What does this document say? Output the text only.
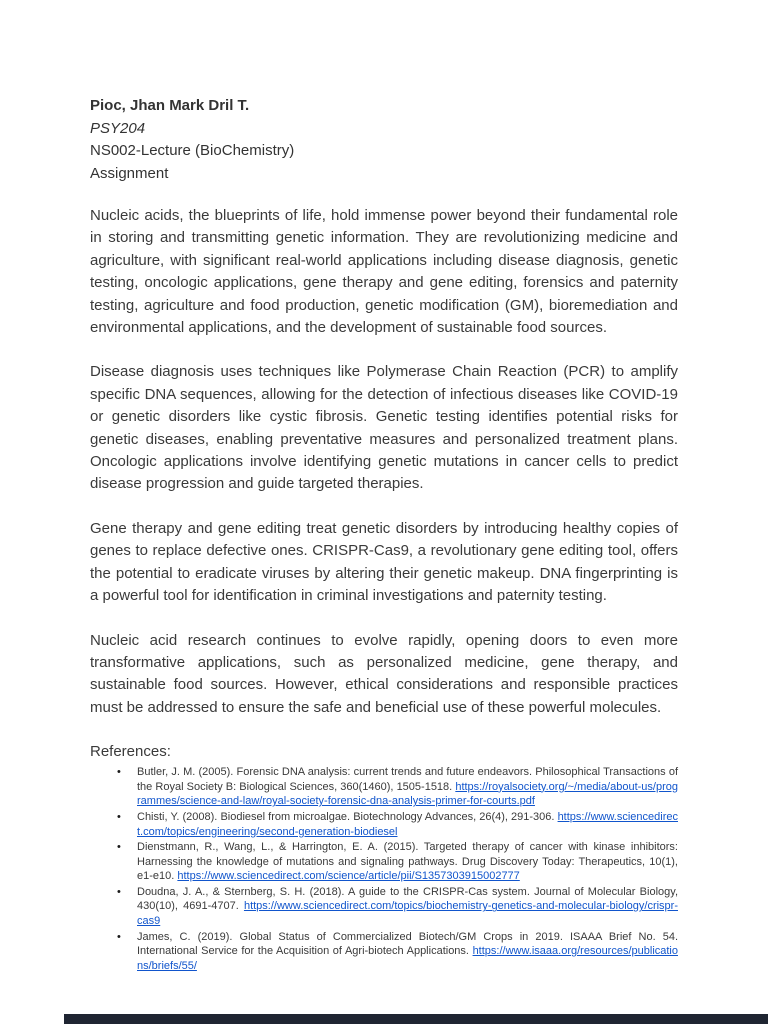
Pioc, Jhan Mark Dril T.
PSY204
NS002-Lecture (BioChemistry)
Assignment

Nucleic acids, the blueprints of life, hold immense power beyond their fundamental role in storing and transmitting genetic information. They are revolutionizing medicine and agriculture, with significant real-world applications including disease diagnosis, genetic testing, oncologic applications, gene therapy and gene editing, forensics and paternity testing, agriculture and food production, genetic modification (GM), bioremediation and environmental applications, and the development of sustainable food sources.

Disease diagnosis uses techniques like Polymerase Chain Reaction (PCR) to amplify specific DNA sequences, allowing for the detection of infectious diseases like COVID-19 or genetic disorders like cystic fibrosis. Genetic testing identifies potential risks for genetic diseases, enabling preventative measures and personalized treatment plans. Oncologic applications involve identifying genetic mutations in cancer cells to predict disease progression and guide targeted therapies.

Gene therapy and gene editing treat genetic disorders by introducing healthy copies of genes to replace defective ones. CRISPR-Cas9, a revolutionary gene editing tool, offers the potential to eradicate viruses by altering their genetic makeup. DNA fingerprinting is a powerful tool for identification in criminal investigations and paternity testing.

Nucleic acid research continues to evolve rapidly, opening doors to even more transformative applications, such as personalized medicine, gene therapy, and sustainable food sources. However, ethical considerations and responsible practices must be addressed to ensure the safe and beneficial use of these powerful molecules.

References:
• Butler, J. M. (2005). Forensic DNA analysis: current trends and future endeavors. Philosophical Transactions of the Royal Society B: Biological Sciences, 360(1460), 1505-1518. https://royalsociety.org/~/media/about-us/programmes/science-and-law/royal-society-forensic-dna-analysis-primer-for-courts.pdf
• Chisti, Y. (2008). Biodiesel from microalgae. Biotechnology Advances, 26(4), 291-306. https://www.sciencedirect.com/topics/engineering/second-generation-biodiesel
• Dienstmann, R., Wang, L., & Harrington, E. A. (2015). Targeted therapy of cancer with kinase inhibitors: Harnessing the knowledge of mutations and signaling pathways. Drug Discovery Today: Therapeutics, 10(1), e1-e10. https://www.sciencedirect.com/science/article/pii/S1357303915002777
• Doudna, J. A., & Sternberg, S. H. (2018). A guide to the CRISPR-Cas system. Journal of Molecular Biology, 430(10), 4691-4707. https://www.sciencedirect.com/topics/biochemistry-genetics-and-molecular-biology/crispr-cas9
• James, C. (2019). Global Status of Commercialized Biotech/GM Crops in 2019. ISAAA Brief No. 54. International Service for the Acquisition of Agri-biotech Applications. https://www.isaaa.org/resources/publications/briefs/55/
